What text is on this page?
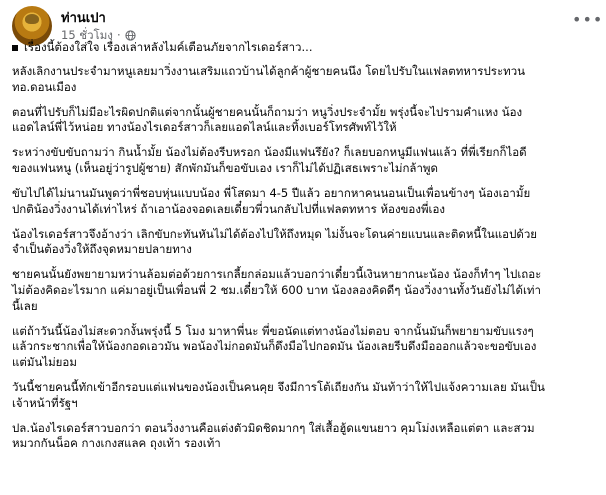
ท่านเปา
15 ชั่วโมง ·
•••
เรื่องนี้ต้องใส่ใจ เรื่องเล่าหลังไมค์เตือนภัยจากไรเดอร์สาว...

หลังเลิกงานประจำมาหนูเลยมาวิ่งงานเสริมแถวบ้านได้ลูกค้าผู้ชายคนนึง โดยไปรับในแฟลตทหารประทวน
ทอ.ดอนเมือง

ตอนที่ไปรับก็ไม่มีอะไรผิดปกติแต่จากนั้นผู้ชายคนนั้นก็ถามว่า หนูวิ่งประจำมั้ย พรุ่งนี้จะไปรามคำแหง น้อง
แอดไลน์พี่ไว้หน่อย ทางน้องไรเดอร์สาวก็เลยแอดไลน์และทิ้งเบอร์โทรศัพท์ไว้ให้

ระหว่างขับขับถามว่า กินน้ำมั้ย น้องไม่ต้องรีบหรอก น้องมีแฟนรึยัง? ก็เลยบอกหนูมีแฟนแล้ว ที่พี่เรียกก็ไอดี
ของแฟนหนู (เห็นอยู่ว่ารูปผู้ชาย) สักพักมันก็ขอขับเอง เราก็ไม่ได้ปฏิเสธเพราะไม่กล้าพูด

ขับไปได้ไม่นานมันพูดว่าพี่ชอบหุ่นแบบน้อง พี่โสดมา 4-5 ปีแล้ว อยากหาคนนอนเป็นเพื่อนข้างๆ น้องเอามั้ย
ปกติน้องวิ่งงานได้เท่าไหร่ ถ้าเอาน้องจอดเลยเดี๋ยวพี่วนกลับไปที่แฟลตทหาร ห้องของพี่เอง

น้องไรเดอร์สาวจึงอ้างว่า เลิกขับกะทันหันไม่ได้ต้องไปให้ถึงหมุด ไม่งั้นจะโดนค่ายแบนและติดหนี้ในแอปด้วย
จำเป็นต้องวิ่งให้ถึงจุดหมายปลายทาง

ชายคนนั้นยังพยายามหว่านล้อมต่อด้วยการเกลี้ยกล่อมแล้วบอกว่าเดี๋ยวนี้เงินหายากนะน้อง น้องก็ทำๆ ไปเถอะ
ไม่ต้องคิดอะไรมาก แค่มาอยู่เป็นเพื่อนพี่ 2 ชม.เดี๋ยวให้ 600 บาท น้องลองคิดดีๆ น้องวิ่งงานทั้งวันยังไม่ได้เท่า
นี้เลย

แต่ถ้าวันนี้น้องไม่สะดวกงั้นพรุ่งนี้ 5 โมง มาหาพี่นะ พี่ขอนัดแต่ทางน้องไม่ตอบ จากนั้นมันก็พยายามขับแรงๆ
แล้วกระชากเพื่อให้น้องกอดเอวมัน พอน้องไม่กอดมันก็ดึงมือไปกอดมัน น้องเลยรีบดึงมือออกแล้วจะขอขับเอง
แต่มันไม่ยอม

วันนี้ชายคนนี้ทักเข้าอีกรอบแต่แฟนของน้องเป็นคนคุย จึงมีการโต้เถียงกัน มันท้าว่าให้ไปแจ้งความเลย มันเป็น
เจ้าหน้าที่รัฐฯ

ปล.น้องไรเดอร์สาวบอกว่า ตอนวิ่งงานคือแต่งตัวมิดชิดมากๆ ใส่เสื้อฮู้ดแขนยาว คุมโม่งเหลือแต่ตา และสวม
หมวกกันน็อค กางเกงสแลค ถุงเท้า รองเท้า
